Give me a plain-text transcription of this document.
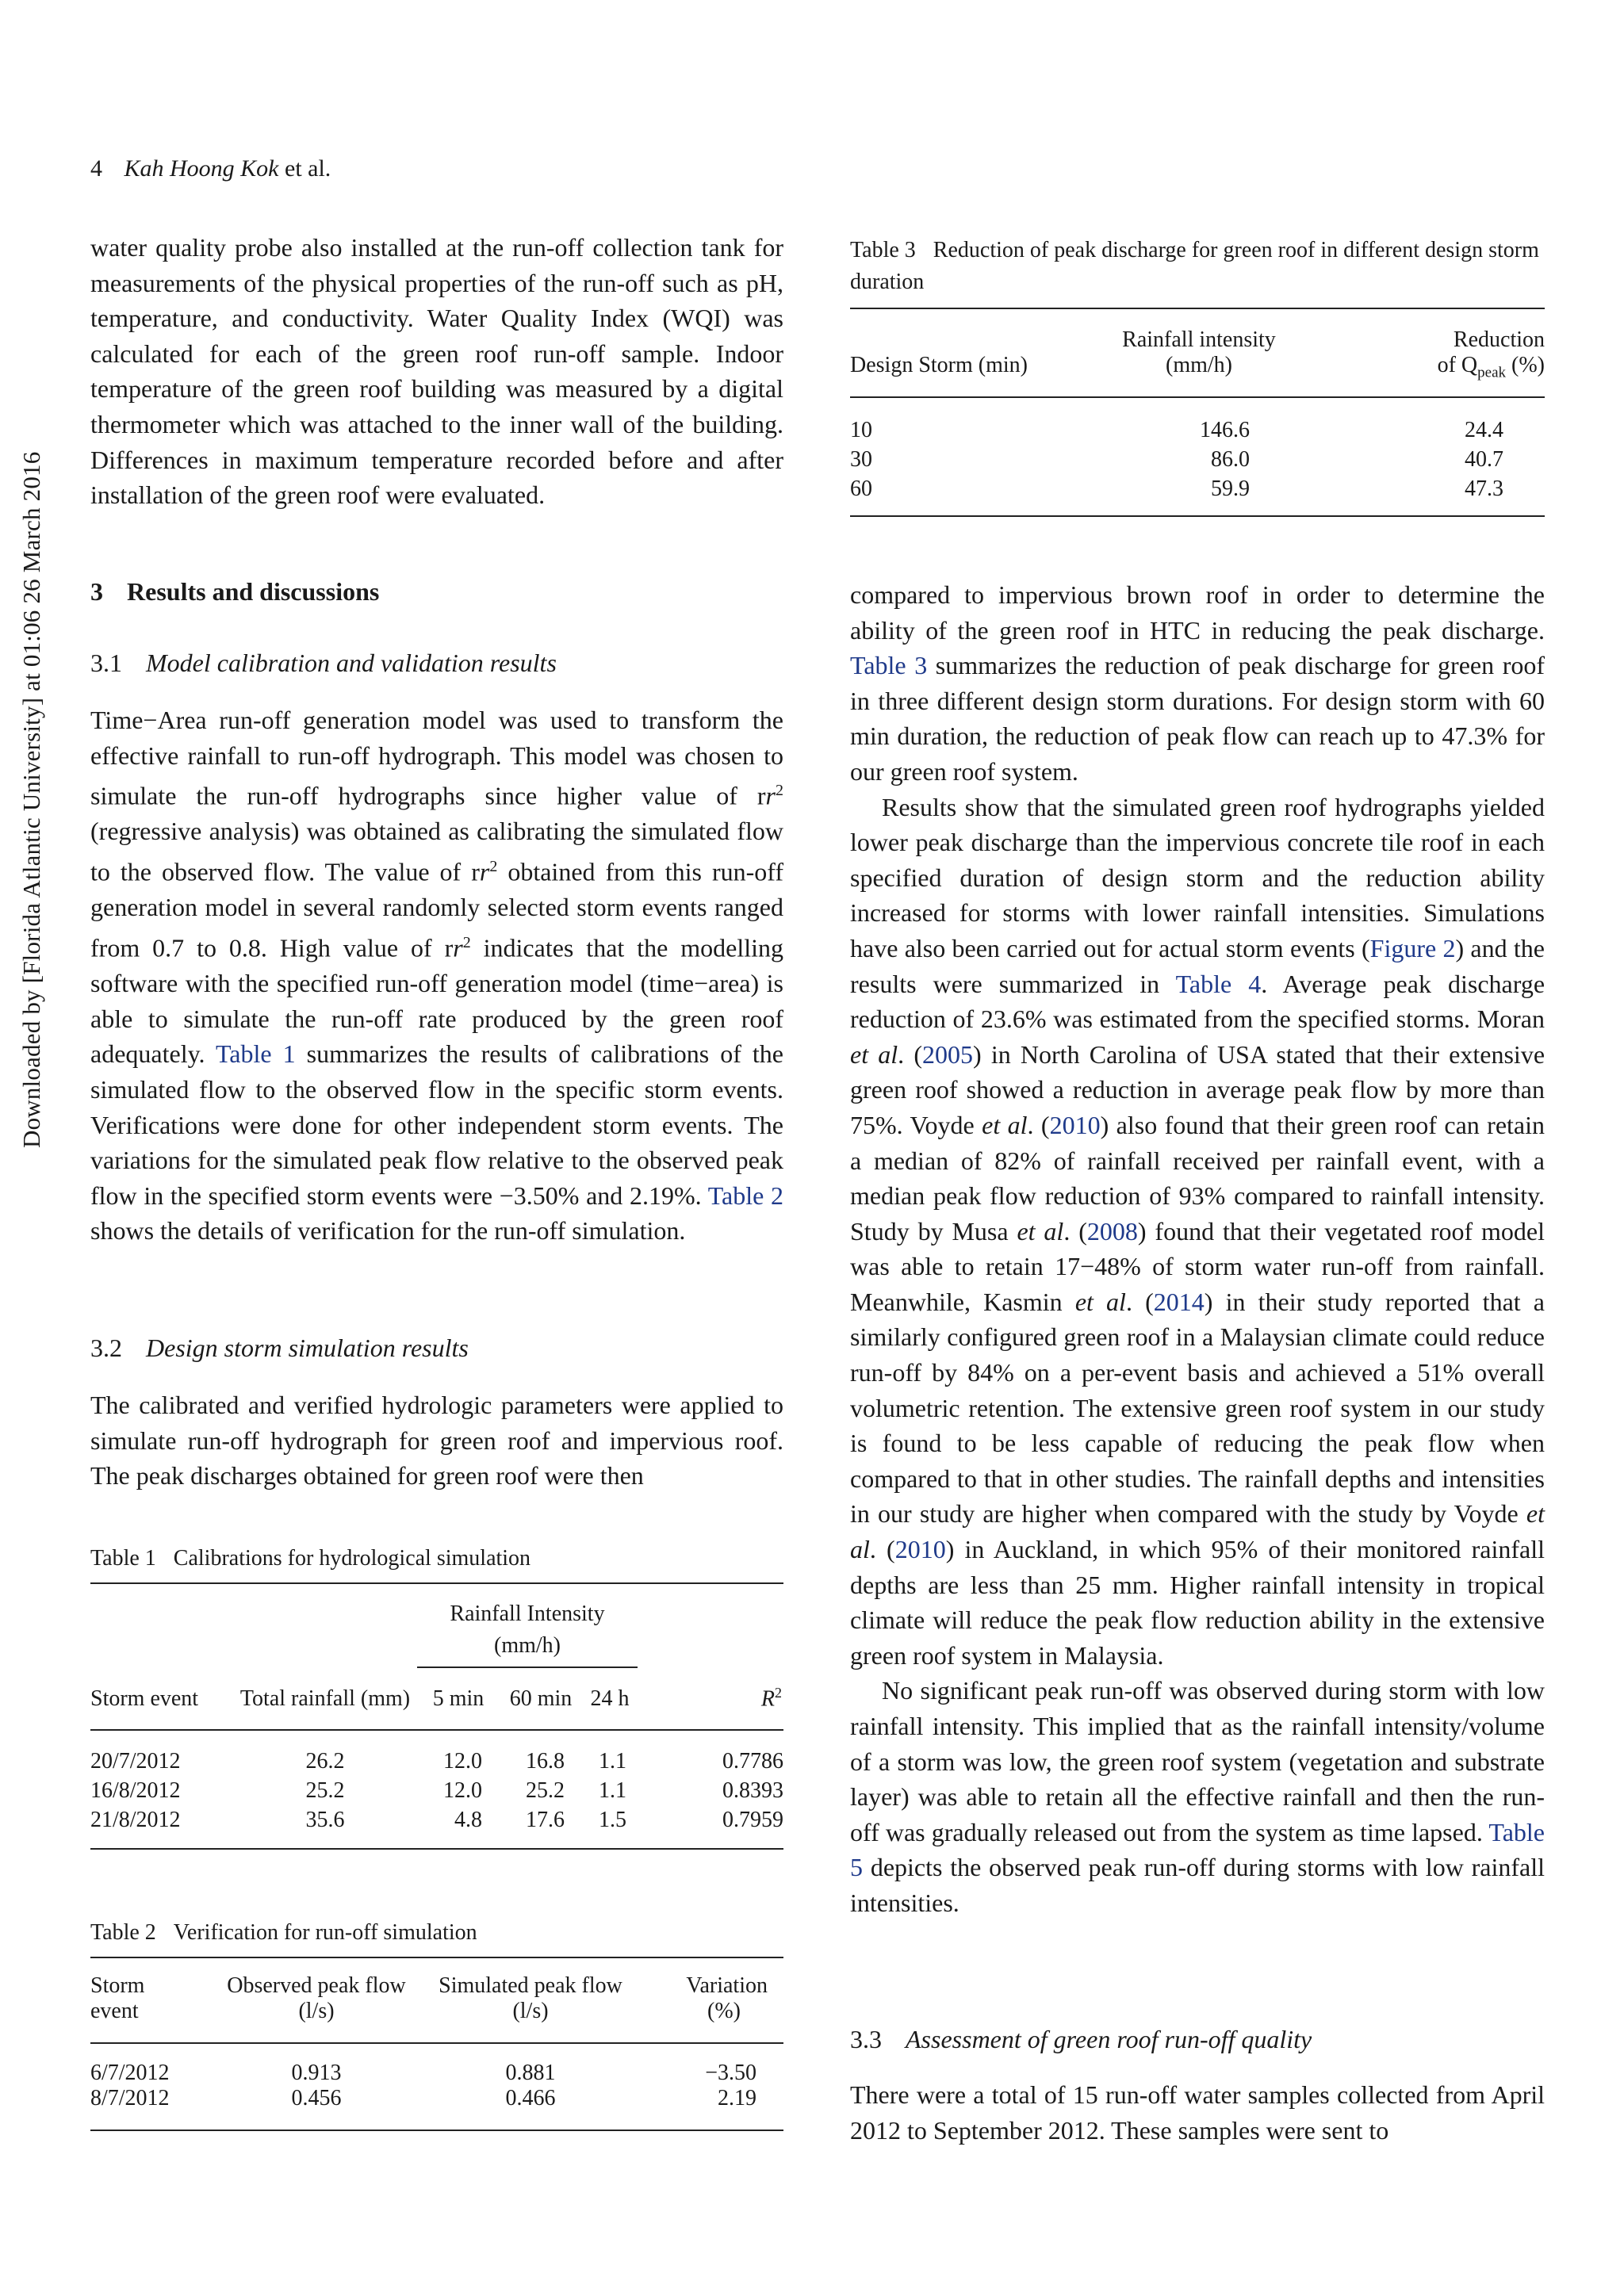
4 Kah Hoong Kok et al.
Downloaded by [Florida Atlantic University] at 01:06 26 March 2016

water quality probe also installed at the run-off collection tank for measurements of the physical properties of the run-off such as pH, temperature, and conductivity. Water Quality Index (WQI) was calculated for each of the green roof run-off sample. Indoor temperature of the green roof building was measured by a digital thermometer which was attached to the inner wall of the building. Differences in maximum temperature recorded before and after installation of the green roof were evaluated.

3 Results and discussions
3.1 Model calibration and validation results

Time−Area run-off generation model was used to transform the effective rainfall to run-off hydrograph. This model was chosen to simulate the run-off hydrographs since higher value of $rr^2$ (regressive analysis) was obtained as calibrating the simulated flow to the observed flow. The value of $rr^2$ obtained from this run-off generation model in several randomly selected storm events ranged from 0.7 to 0.8. High value of $rr^2$ indicates that the modelling software with the specified run-off generation model (time−area) is able to simulate the run-off rate produced by the green roof adequately. Table 1 summarizes the results of calibrations of the simulated flow to the observed flow in the specific storm events. Verifications were done for other independent storm events. The variations for the simulated peak flow relative to the observed peak flow in the specified storm events were −3.50% and 2.19%. Table 2 shows the details of verification for the run-off simulation.

3.2 Design storm simulation results

The calibrated and verified hydrologic parameters were applied to simulate run-off hydrograph for green roof and impervious roof. The peak discharges obtained for green roof were then

Table 1 Calibrations for hydrological simulation

		Rainfall Intensity
(mm/h)			

Storm event	Total rainfall (mm)	5 min	60 min	24 h	$R^2$
20/7/2012	26.2	12.0	16.8	1.1	0.7786
16/8/2012	25.2	12.0	25.2	1.1	0.8393
21/8/2012	35.6	4.8	17.6	1.5	0.7959
Table 2 Verification for run-off simulation
Storm	Observed peak flow	Simulated peak flow	Variation
event	(l/s)	(l/s)	(%)
6/7/2012	0.913	0.881	−3.50
8/7/2012	0.456	0.466	2.19
Table 3 Reduction of peak discharge for green roof in different design storm duration
	Rainfall intensity	Reduction
Design Storm (min)	(mm/h)	of $Q_{peak}$ (%)
10	146.6	24.4
30	86.0	40.7
60	59.9	47.3

compared to impervious brown roof in order to determine the ability of the green roof in HTC in reducing the peak discharge. Table 3 summarizes the reduction of peak discharge for green roof in three different design storm durations. For design storm with 60 min duration, the reduction of peak flow can reach up to 47.3% for our green roof system.

Results show that the simulated green roof hydrographs yielded lower peak discharge than the impervious concrete tile roof in each specified duration of design storm and the reduction ability increased for storms with lower rainfall intensities. Simulations have also been carried out for actual storm events (Figure 2) and the results were summarized in Table 4. Average peak discharge reduction of 23.6% was estimated from the specified storms. Moran et al. (2005) in North Carolina of USA stated that their extensive green roof showed a reduction in average peak flow by more than 75%. Voyde et al. (2010) also found that their green roof can retain a median of 82% of rainfall received per rainfall event, with a median peak flow reduction of 93% compared to rainfall intensity. Study by Musa et al. (2008) found that their vegetated roof model was able to retain 17−48% of storm water run-off from rainfall. Meanwhile, Kasmin et al. (2014) in their study reported that a similarly configured green roof in a Malaysian climate could reduce run-off by 84% on a per-event basis and achieved a 51% overall volumetric retention. The extensive green roof system in our study is found to be less capable of reducing the peak flow when compared to that in other studies. The rainfall depths and intensities in our study are higher when compared with the study by Voyde et al. (2010) in Auckland, in which 95% of their monitored rainfall depths are less than 25 mm. Higher rainfall intensity in tropical climate will reduce the peak flow reduction ability in the extensive green roof system in Malaysia.

No significant peak run-off was observed during storm with low rainfall intensity. This implied that as the rainfall intensity/volume of a storm was low, the green roof system (vegetation and substrate layer) was able to retain all the effective rainfall and then the run-off was gradually released out from the system as time lapsed. Table 5 depicts the observed peak run-off during storms with low rainfall intensities.

3.3 Assessment of green roof run-off quality

There were a total of 15 run-off water samples collected from April 2012 to September 2012. These samples were sent to
